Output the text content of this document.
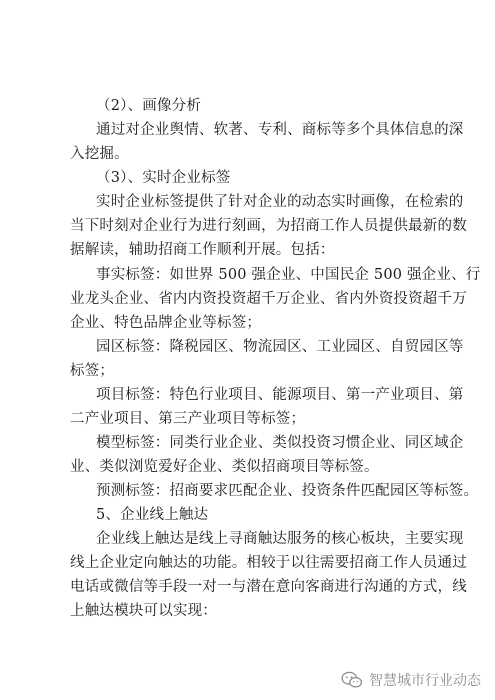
（2）、画像分析
通过对企业舆情、软著、专利、商标等多个具体信息的深
入挖掘。
（3）、实时企业标签
实时企业标签提供了针对企业的动态实时画像，在检索的
当下时刻对企业行为进行刻画，为招商工作人员提供最新的数
据解读，辅助招商工作顺利开展。包括：
事实标签：如世界 500 强企业、中国民企 500 强企业、行
业龙头企业、省内内资投资超千万企业、省内外资投资超千万
企业、特色品牌企业等标签；
园区标签：降税园区、物流园区、工业园区、自贸园区等
标签；
项目标签：特色行业项目、能源项目、第一产业项目、第
二产业项目、第三产业项目等标签；
模型标签：同类行业企业、类似投资习惯企业、同区域企
业、类似浏览爱好企业、类似招商项目等标签。
预测标签：招商要求匹配企业、投资条件匹配园区等标签。
5、企业线上触达
企业线上触达是线上寻商触达服务的核心板块，主要实现
线上企业定向触达的功能。相较于以往需要招商工作人员通过
电话或微信等手段一对一与潜在意向客商进行沟通的方式，线
上触达模块可以实现：
智慧城市行业动态
